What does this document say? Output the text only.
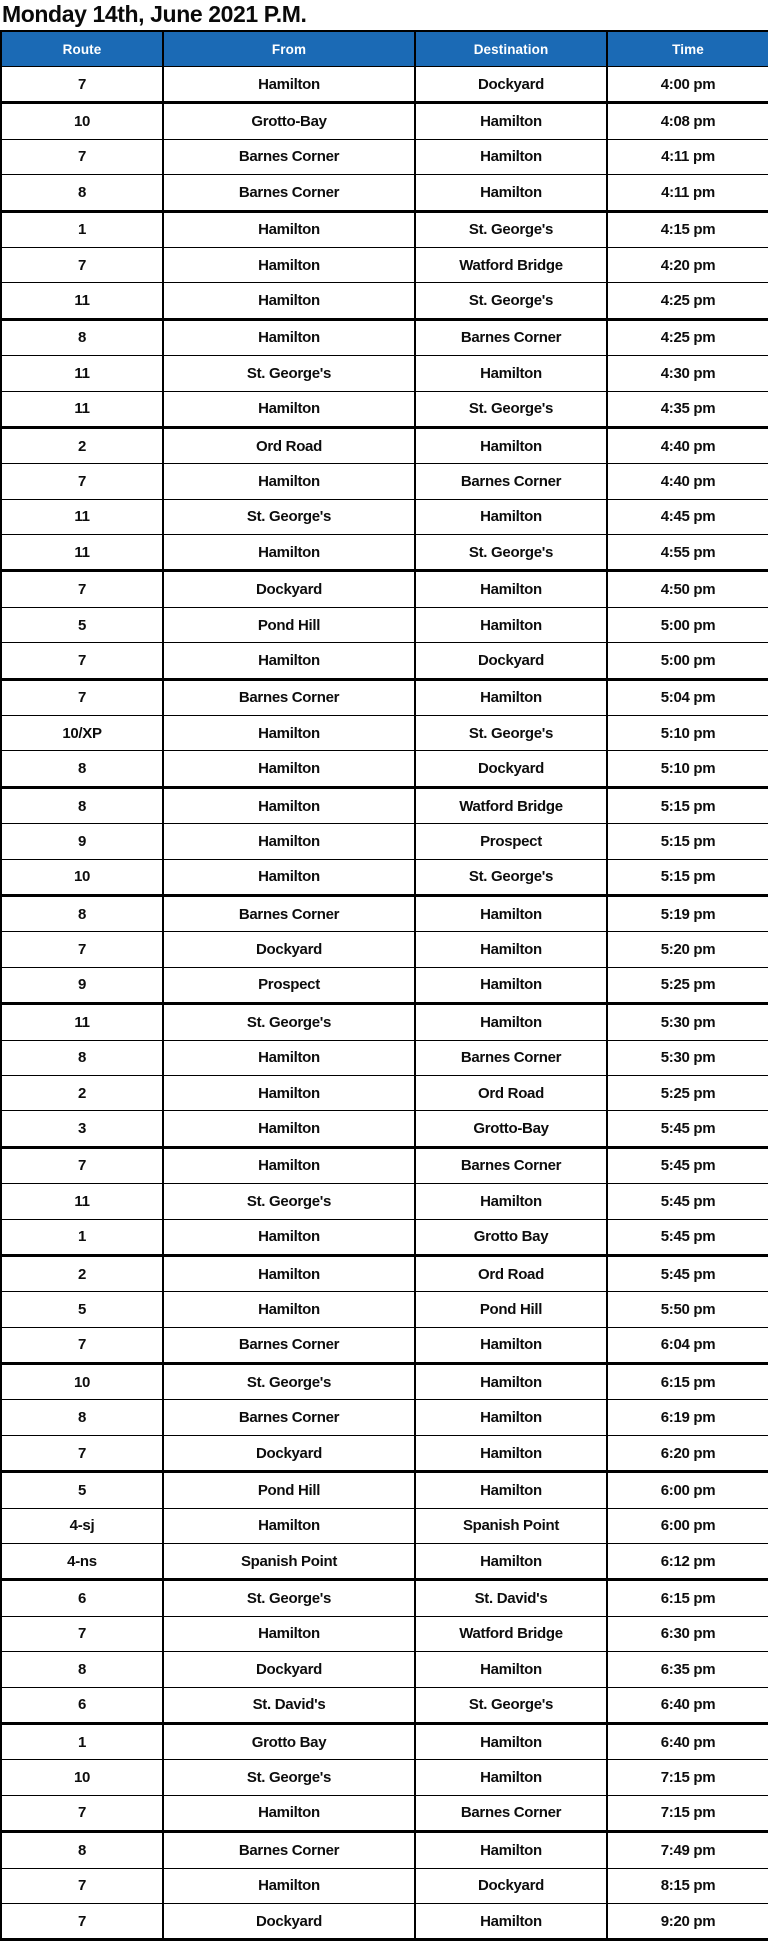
Monday 14th, June 2021 P.M.
Route	From	Destination	Time
7	Hamilton	Dockyard	4:00 pm
10	Grotto-Bay	Hamilton	4:08 pm
7	Barnes Corner	Hamilton	4:11 pm
8	Barnes Corner	Hamilton	4:11 pm
1	Hamilton	St. George's	4:15 pm
7	Hamilton	Watford Bridge	4:20 pm
11	Hamilton	St. George's	4:25 pm
8	Hamilton	Barnes Corner	4:25 pm
11	St. George's	Hamilton	4:30 pm
11	Hamilton	St. George's	4:35 pm
2	Ord Road	Hamilton	4:40 pm
7	Hamilton	Barnes Corner	4:40 pm
11	St. George's	Hamilton	4:45 pm
11	Hamilton	St. George's	4:55 pm
7	Dockyard	Hamilton	4:50 pm
5	Pond Hill	Hamilton	5:00 pm
7	Hamilton	Dockyard	5:00 pm
7	Barnes Corner	Hamilton	5:04 pm
10/XP	Hamilton	St. George's	5:10 pm
8	Hamilton	Dockyard	5:10 pm
8	Hamilton	Watford Bridge	5:15 pm
9	Hamilton	Prospect	5:15 pm
10	Hamilton	St. George's	5:15 pm
8	Barnes Corner	Hamilton	5:19 pm
7	Dockyard	Hamilton	5:20 pm
9	Prospect	Hamilton	5:25 pm
11	St. George's	Hamilton	5:30 pm
8	Hamilton	Barnes Corner	5:30 pm
2	Hamilton	Ord Road	5:25 pm
3	Hamilton	Grotto-Bay	5:45 pm
7	Hamilton	Barnes Corner	5:45 pm
11	St. George's	Hamilton	5:45 pm
1	Hamilton	Grotto Bay	5:45 pm
2	Hamilton	Ord Road	5:45 pm
5	Hamilton	Pond Hill	5:50 pm
7	Barnes Corner	Hamilton	6:04 pm
10	St. George's	Hamilton	6:15 pm
8	Barnes Corner	Hamilton	6:19 pm
7	Dockyard	Hamilton	6:20 pm
5	Pond Hill	Hamilton	6:00 pm
4-sj	Hamilton	Spanish Point	6:00 pm
4-ns	Spanish Point	Hamilton	6:12 pm
6	St. George's	St. David's	6:15 pm
7	Hamilton	Watford Bridge	6:30 pm
8	Dockyard	Hamilton	6:35 pm
6	St. David's	St. George's	6:40 pm
1	Grotto Bay	Hamilton	6:40 pm
10	St. George's	Hamilton	7:15 pm
7	Hamilton	Barnes Corner	7:15 pm
8	Barnes Corner	Hamilton	7:49 pm
7	Hamilton	Dockyard	8:15 pm
7	Dockyard	Hamilton	9:20 pm
